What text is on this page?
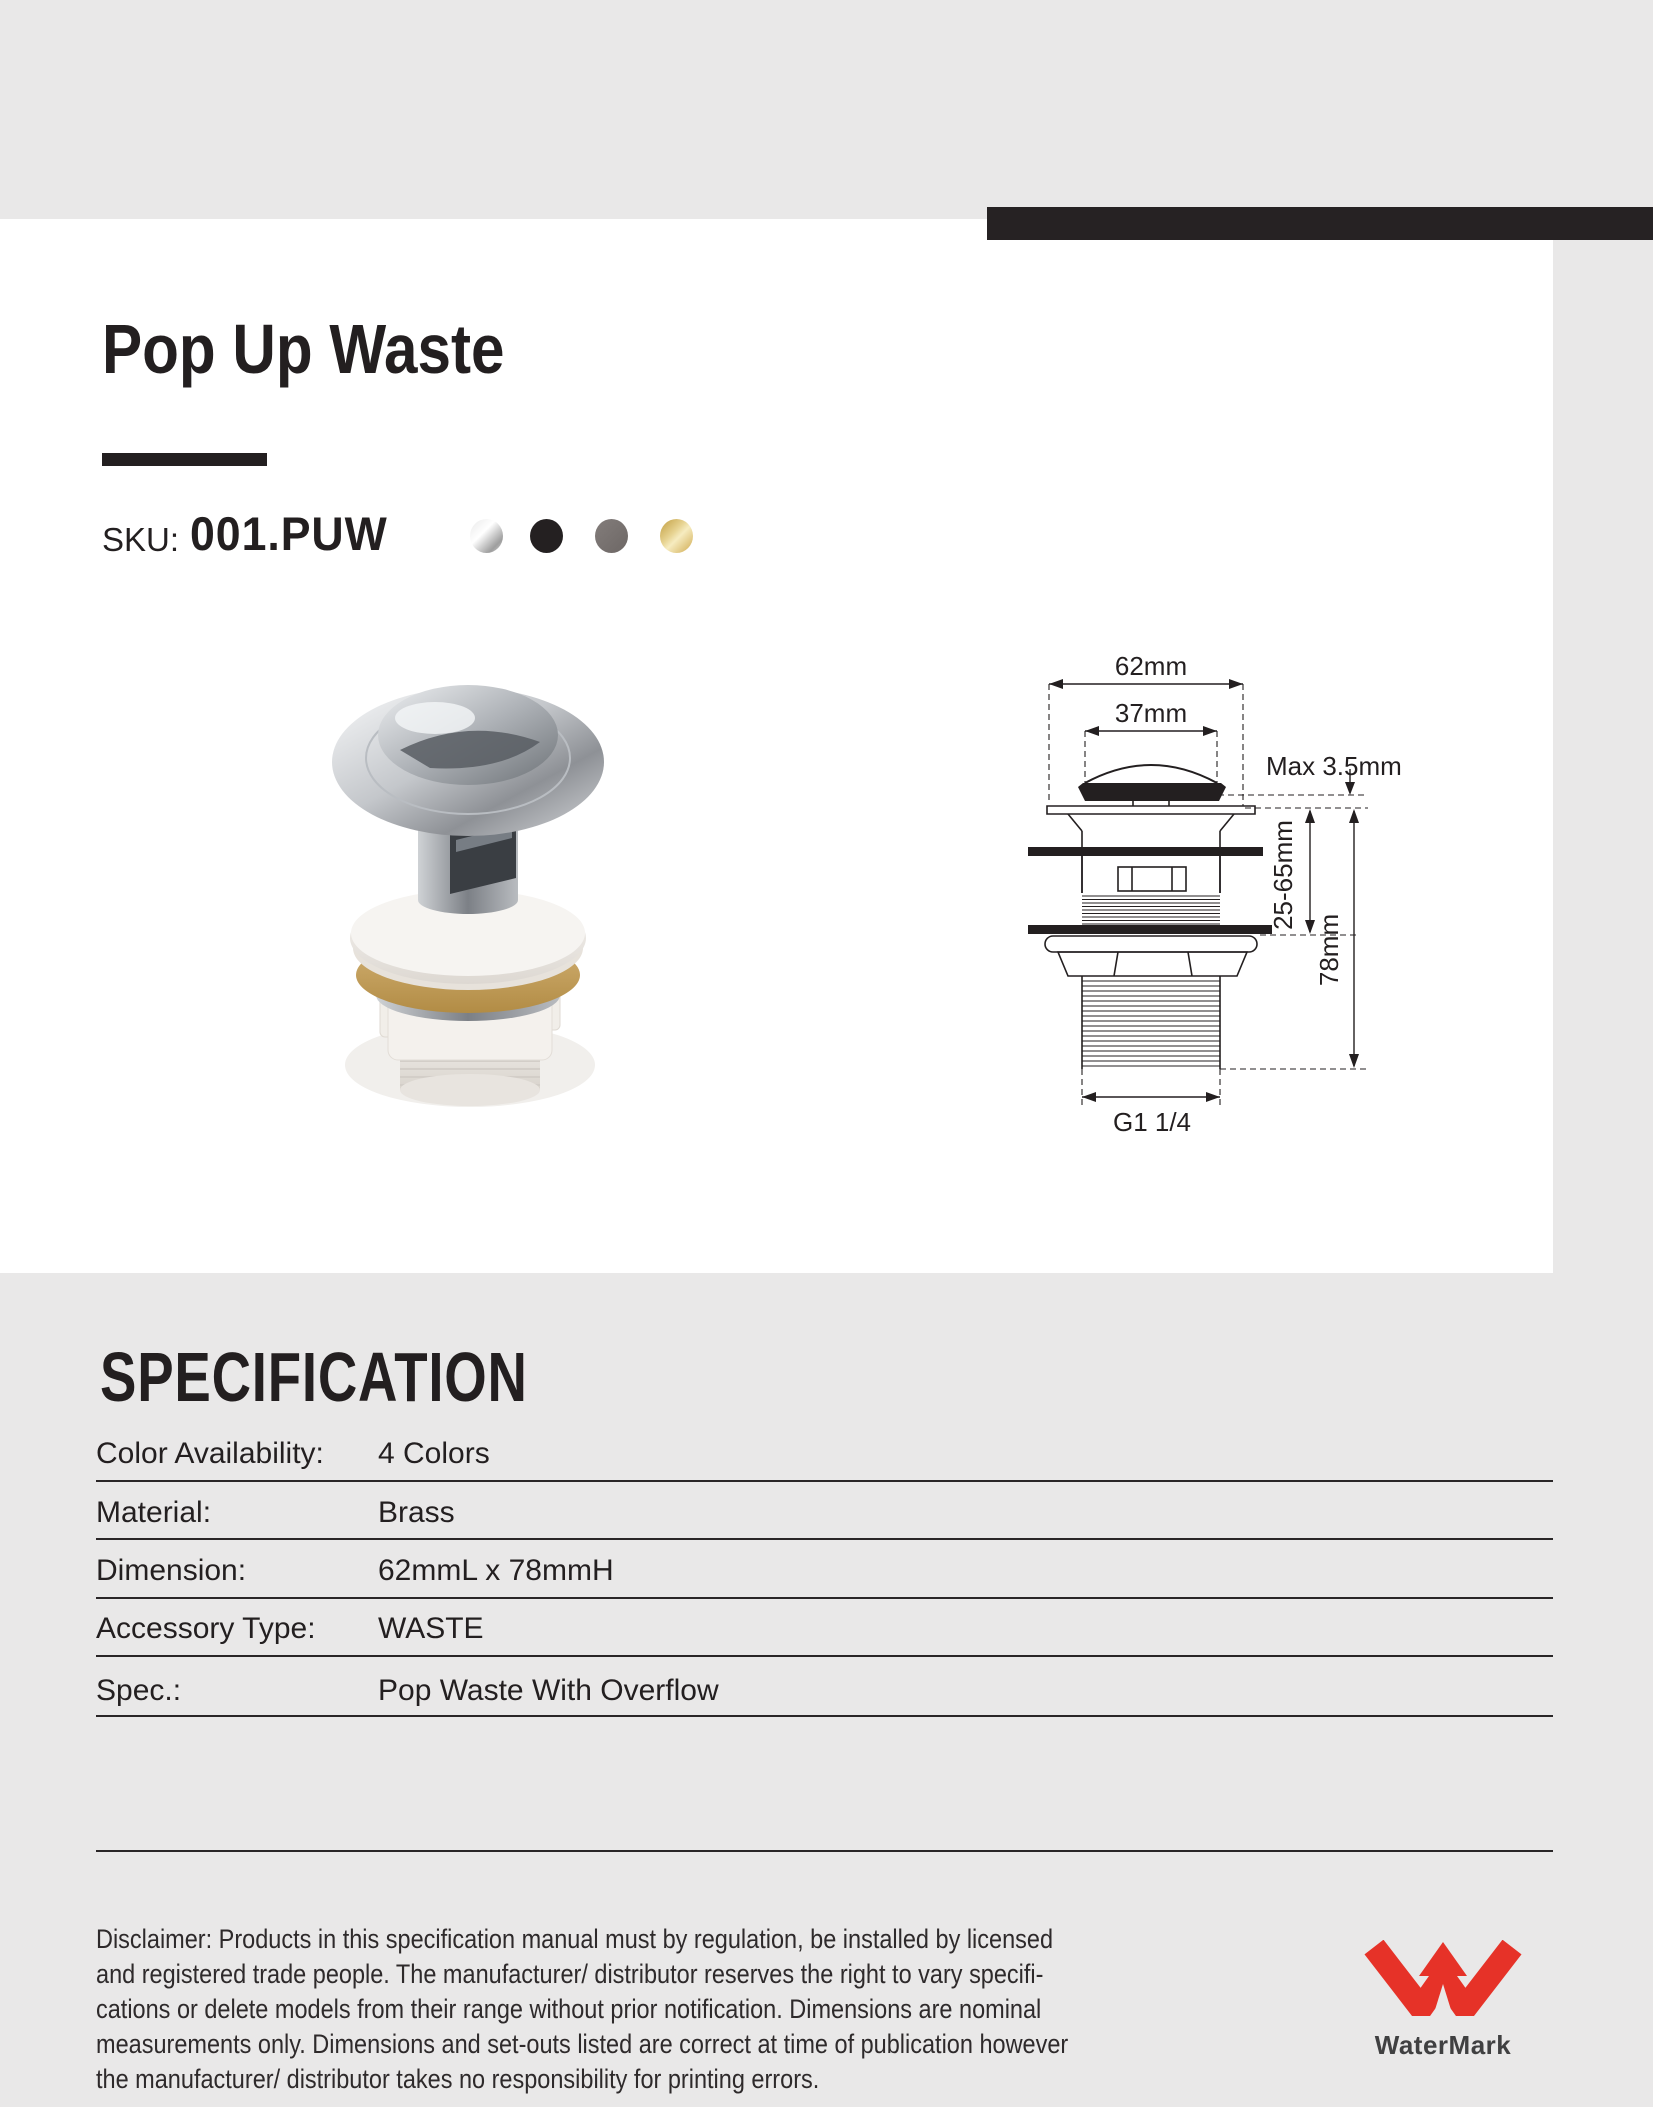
Pop Up Waste
SKU: 001.PUW
62mm
37mm
Max 3.5mm
25-65mm
78mm
G1 1/4
SPECIFICATION
Color Availability: 4 Colors
Material:	Brass
Dimension:	62mmL x 78mmH
Accessory Type: WASTE
Spec.:	Pop Waste With Overflow
Disclaimer: Products in this specification manual must by regulation, be installed by licensed
and registered trade people. The manufacturer/ distributor reserves the right to vary specifi-
cations or delete models from their range without prior notification. Dimensions are nominal
measurements only. Dimensions and set-outs listed are correct at time of publication however
the manufacturer/ distributor takes no responsibility for printing errors.
WaterMark
